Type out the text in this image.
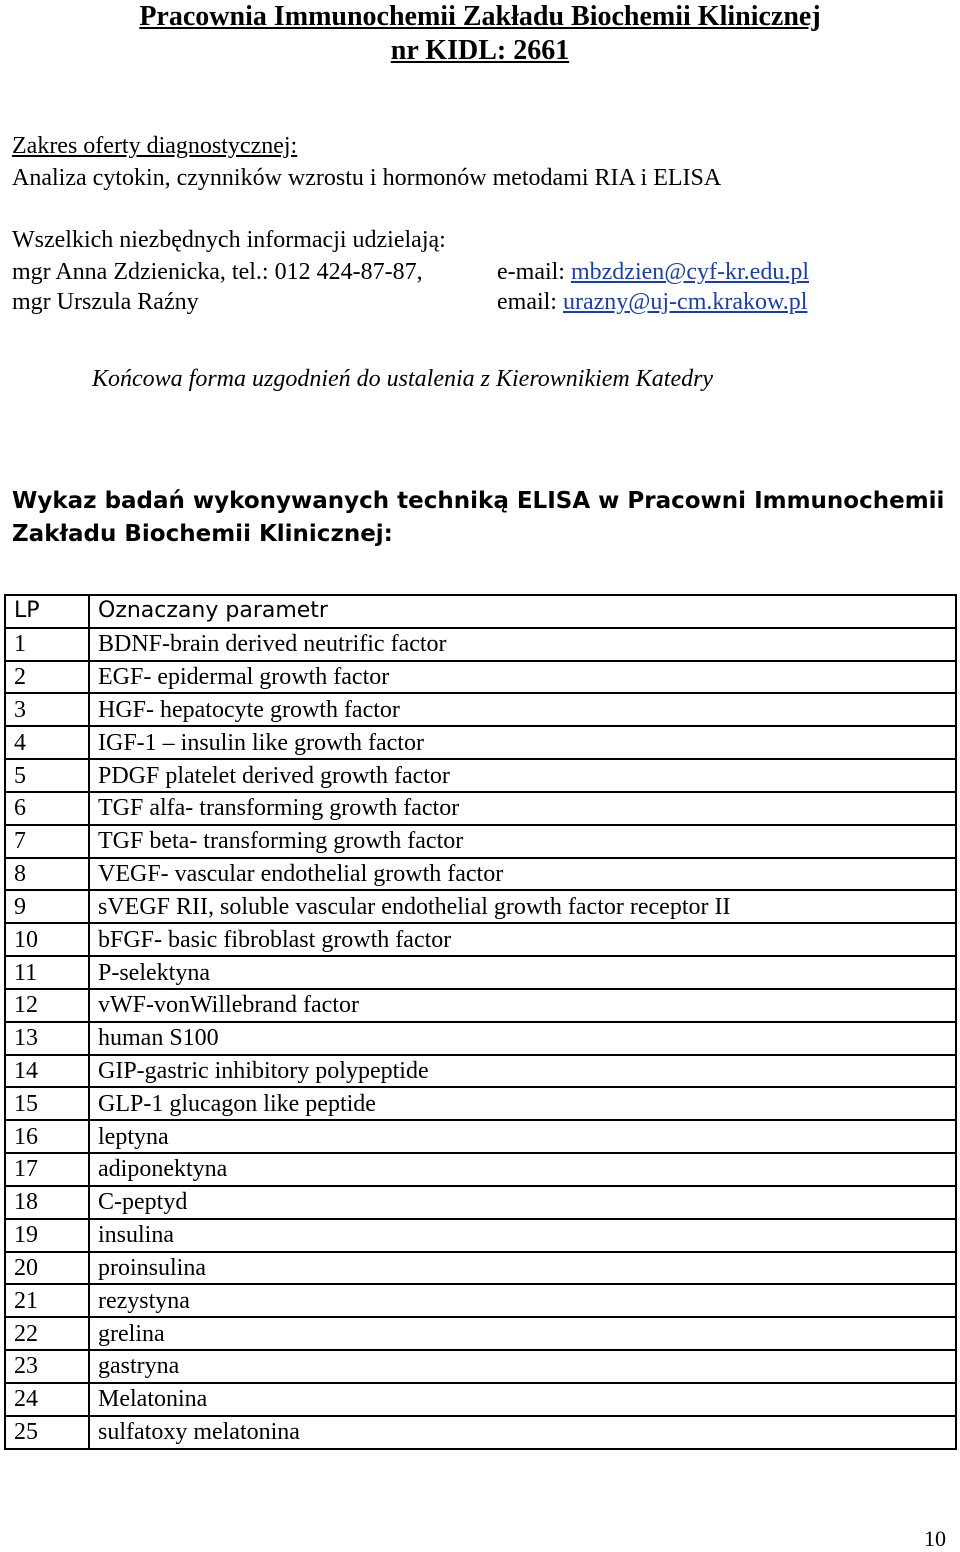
Pracownia Immunochemii Zakładu Biochemii Klinicznej
nr KIDL: 2661
Zakres oferty diagnostycznej:
Analiza cytokin, czynników wzrostu i hormonów metodami RIA i ELISA
Wszelkich niezbędnych informacji udzielają:
mgr Anna Zdzienicka, tel.: 012 424-87-87,	e-mail: mbzdzien@cyf-kr.edu.pl
mgr Urszula Raźny	email: urazny@uj-cm.krakow.pl
Końcowa forma uzgodnień do ustalenia z Kierownikiem Katedry
Wykaz badań wykonywanych techniką ELISA w Pracowni Immunochemii Zakładu Biochemii Klinicznej:
LP	Oznaczany parametr
1	BDNF-brain derived neutrific factor
2	EGF- epidermal growth factor
3	HGF- hepatocyte growth factor
4	IGF-1 – insulin like growth factor
5	PDGF platelet derived growth factor
6	TGF alfa- transforming growth factor
7	TGF beta- transforming growth factor
8	VEGF- vascular endothelial growth factor
9	sVEGF RII, soluble vascular endothelial growth factor receptor II
10	bFGF- basic fibroblast growth factor
11	P-selektyna
12	vWF-vonWillebrand factor
13	human S100
14	GIP-gastric inhibitory polypeptide
15	GLP-1 glucagon like peptide
16	leptyna
17	adiponektyna
18	C-peptyd
19	insulina
20	proinsulina
21	rezystyna
22	grelina
23	gastryna
24	Melatonina
25	sulfatoxy melatonina
10
